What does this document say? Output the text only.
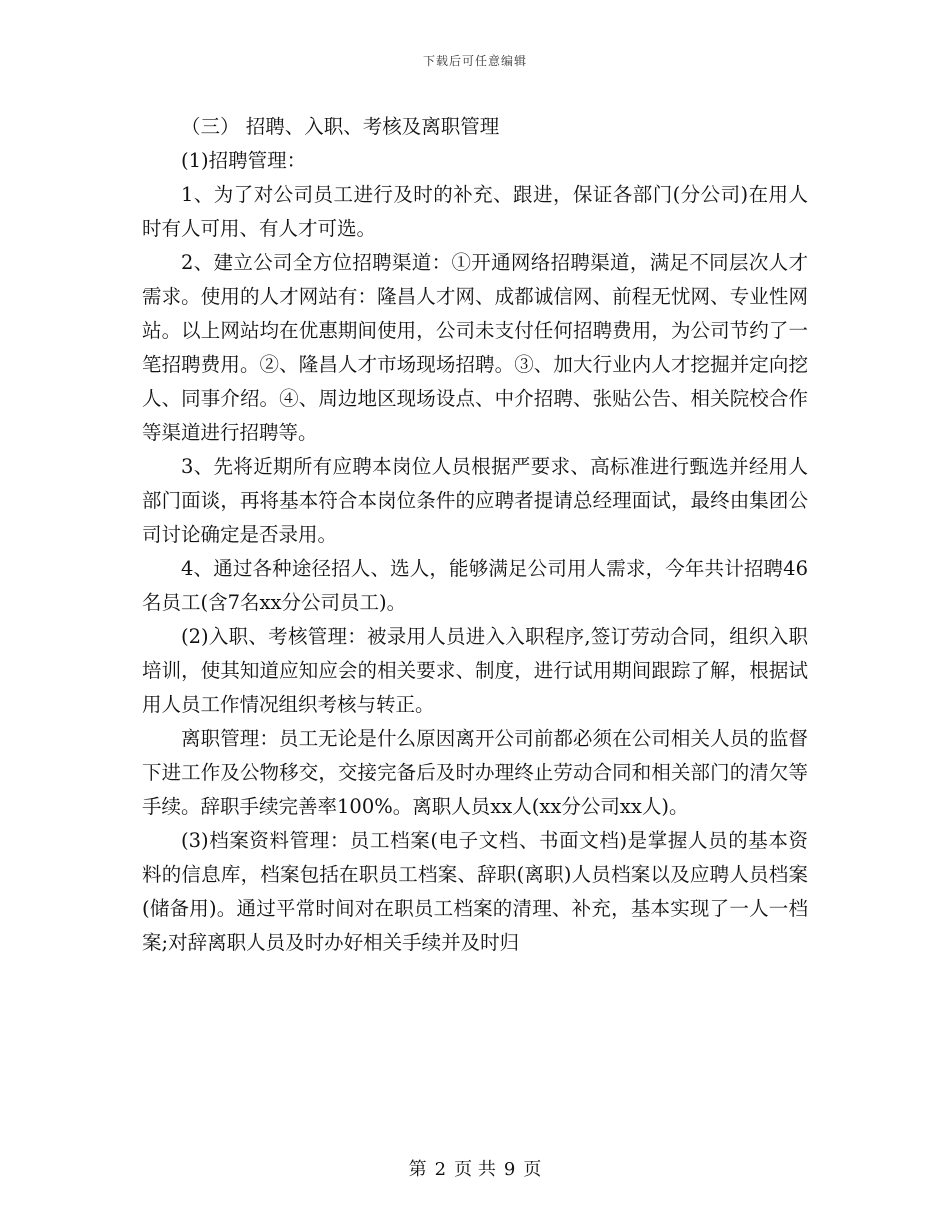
下载后可任意编辑

（三） 招聘、入职、考核及离职管理

(1)招聘管理：

1、为了对公司员工进行及时的补充、跟进，保证各部门(分公司)在用人时有人可用、有人才可选。

2、建立公司全方位招聘渠道：①开通网络招聘渠道，满足不同层次人才需求。使用的人才网站有：隆昌人才网、成都诚信网、前程无忧网、专业性网站。以上网站均在优惠期间使用，公司未支付任何招聘费用，为公司节约了一笔招聘费用。②、隆昌人才市场现场招聘。③、加大行业内人才挖掘并定向挖人、同事介绍。④、周边地区现场设点、中介招聘、张贴公告、相关院校合作等渠道进行招聘等。

3、先将近期所有应聘本岗位人员根据严要求、高标准进行甄选并经用人部门面谈，再将基本符合本岗位条件的应聘者提请总经理面试，最终由集团公司讨论确定是否录用。

4、通过各种途径招人、选人，能够满足公司用人需求，今年共计招聘46名员工(含7名xx分公司员工)。

(2)入职、考核管理：被录用人员进入入职程序,签订劳动合同，组织入职培训，使其知道应知应会的相关要求、制度，进行试用期间跟踪了解，根据试用人员工作情况组织考核与转正。

离职管理：员工无论是什么原因离开公司前都必须在公司相关人员的监督下进工作及公物移交，交接完备后及时办理终止劳动合同和相关部门的清欠等手续。辞职手续完善率100%。离职人员xx人(xx分公司xx人)。

(3)档案资料管理：员工档案(电子文档、书面文档)是掌握人员的基本资料的信息库，档案包括在职员工档案、辞职(离职)人员档案以及应聘人员档案(储备用)。通过平常时间对在职员工档案的清理、补充，基本实现了一人一档案;对辞离职人员及时办好相关手续并及时归

第 2 页 共 9 页
